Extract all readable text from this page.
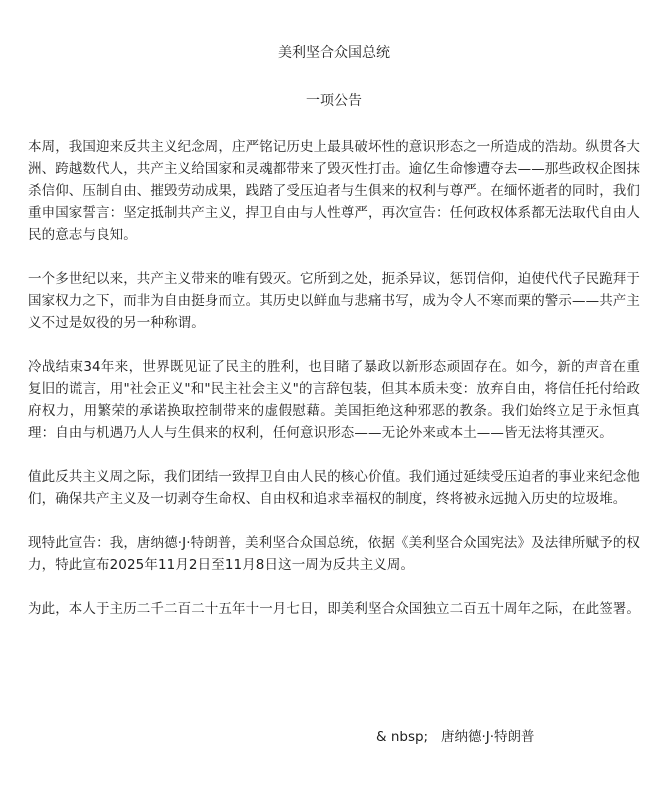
美利坚合众国总统

一项公告

本周，我国迎来反共主义纪念周，庄严铭记历史上最具破坏性的意识形态之一所造成的浩劫。纵贯各大洲、跨越数代人，共产主义给国家和灵魂都带来了毁灭性打击。逾亿生命惨遭夺去——那些政权企图抹杀信仰、压制自由、摧毁劳动成果，践踏了受压迫者与生俱来的权利与尊严。在缅怀逝者的同时，我们重申国家誓言：坚定抵制共产主义，捍卫自由与人性尊严，再次宣告：任何政权体系都无法取代自由人民的意志与良知。

一个多世纪以来，共产主义带来的唯有毁灭。它所到之处，扼杀异议，惩罚信仰，迫使代代子民跪拜于国家权力之下，而非为自由挺身而立。其历史以鲜血与悲痛书写，成为令人不寒而栗的警示——共产主义不过是奴役的另一种称谓。

冷战结束34年来，世界既见证了民主的胜利，也目睹了暴政以新形态顽固存在。如今，新的声音在重复旧的谎言，用"社会正义"和"民主社会主义"的言辞包装，但其本质未变：放弃自由，将信任托付给政府权力，用繁荣的承诺换取控制带来的虚假慰藉。美国拒绝这种邪恶的教条。我们始终立足于永恒真理：自由与机遇乃人人与生俱来的权利，任何意识形态——无论外来或本土——皆无法将其湮灭。

值此反共主义周之际，我们团结一致捍卫自由人民的核心价值。我们通过延续受压迫者的事业来纪念他们，确保共产主义及一切剥夺生命权、自由权和追求幸福权的制度，终将被永远抛入历史的垃圾堆。

现特此宣告：我，唐纳德·J·特朗普，美利坚合众国总统，依据《美利坚合众国宪法》及法律所赋予的权力，特此宣布2025年11月2日至11月8日这一周为反共主义周。

为此，本人于主历二千二百二十五年十一月七日，即美利坚合众国独立二百五十周年之际，在此签署。

& nbsp;   唐纳德·J·特朗普
